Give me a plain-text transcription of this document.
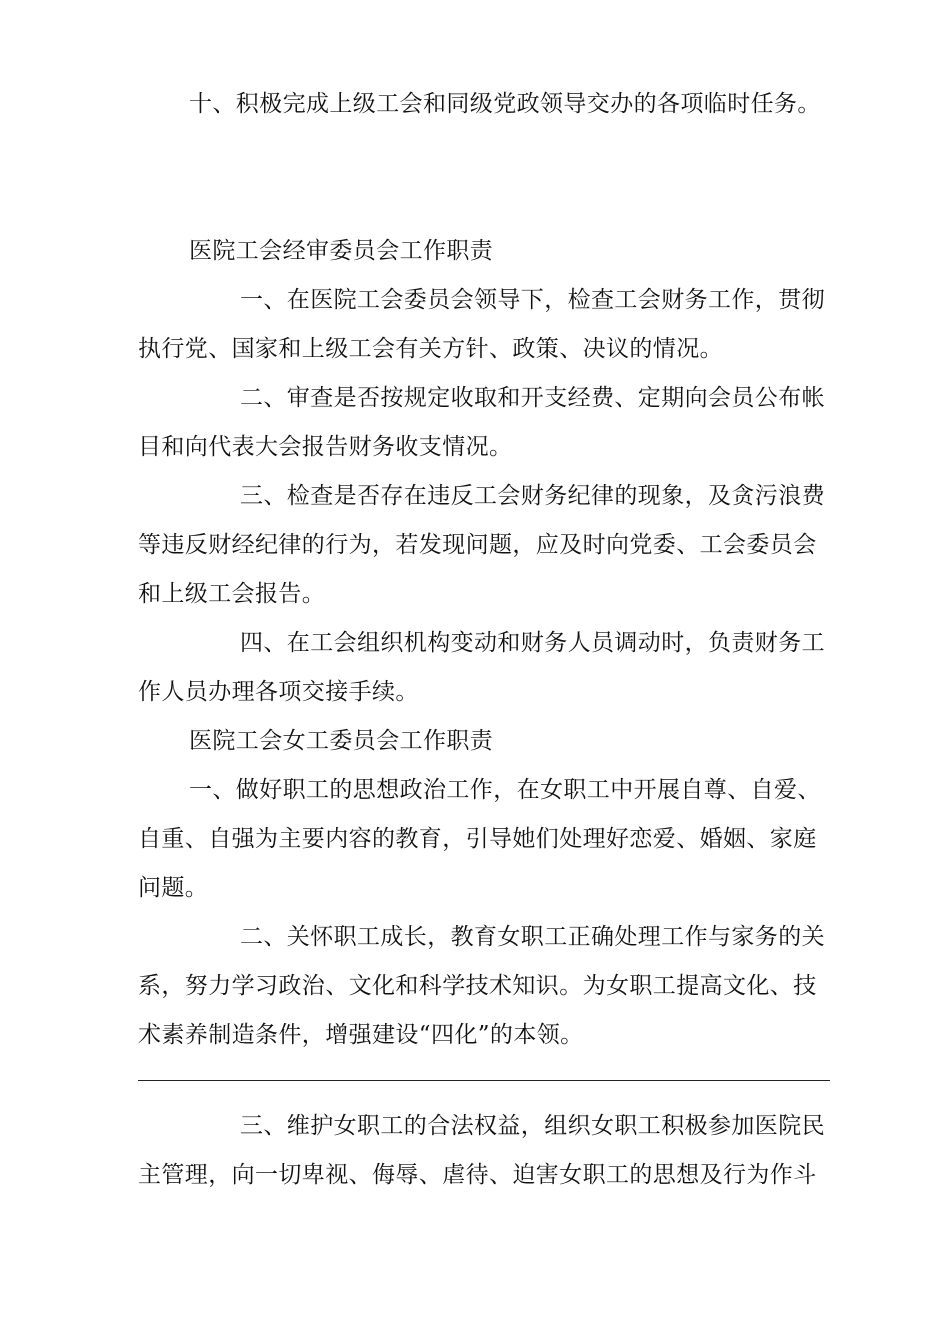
十、积极完成上级工会和同级党政领导交办的各项临时任务。
医院工会经审委员会工作职责
一、在医院工会委员会领导下，检查工会财务工作，贯彻
执行党、国家和上级工会有关方针、政策、决议的情况。
二、审查是否按规定收取和开支经费、定期向会员公布帐
目和向代表大会报告财务收支情况。
三、检查是否存在违反工会财务纪律的现象，及贪污浪费
等违反财经纪律的行为，若发现问题，应及时向党委、工会委员会
和上级工会报告。
四、在工会组织机构变动和财务人员调动时，负责财务工
作人员办理各项交接手续。
医院工会女工委员会工作职责
一、做好职工的思想政治工作，在女职工中开展自尊、自爱、
自重、自强为主要内容的教育，引导她们处理好恋爱、婚姻、家庭
问题。
二、关怀职工成长，教育女职工正确处理工作与家务的关
系，努力学习政治、文化和科学技术知识。为女职工提高文化、技
术素养制造条件，增强建设“四化”的本领。
三、维护女职工的合法权益，组织女职工积极参加医院民
主管理，向一切卑视、侮辱、虐待、迫害女职工的思想及行为作斗
